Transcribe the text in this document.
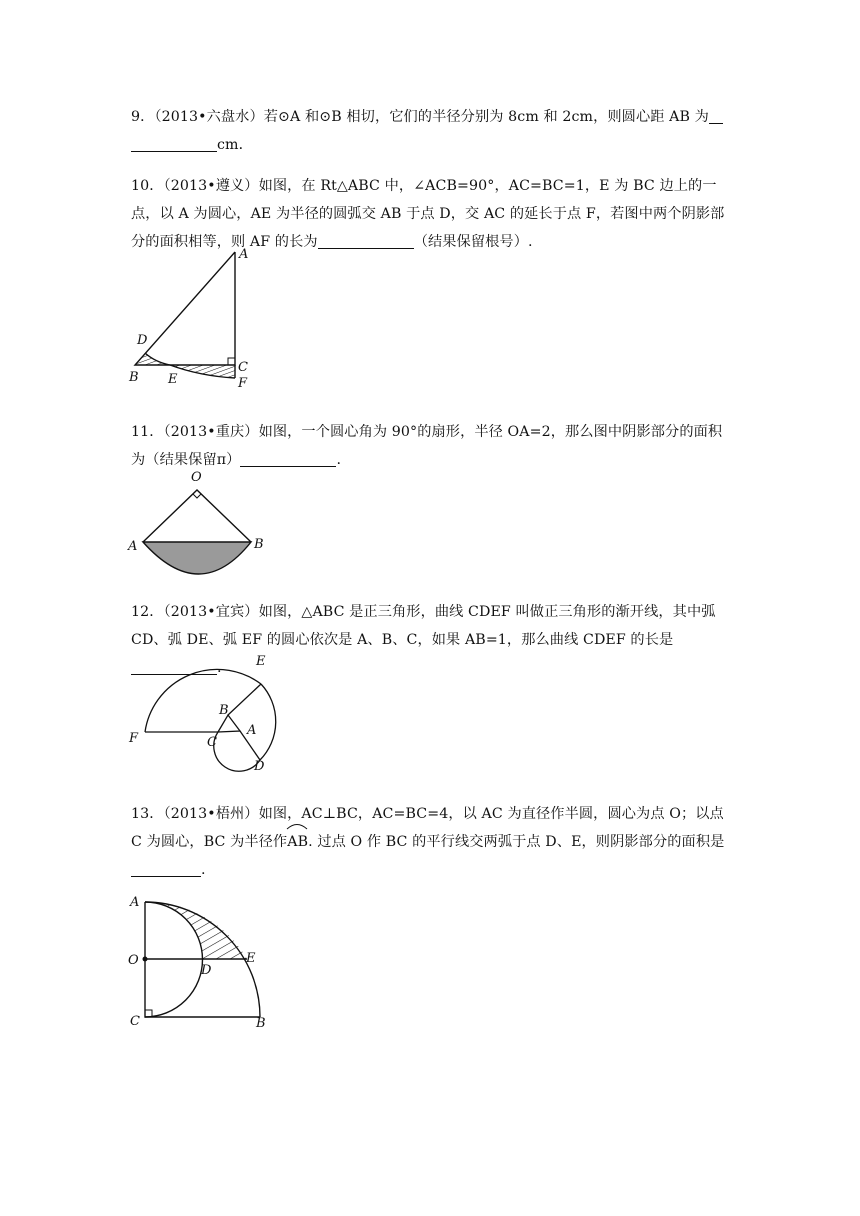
9．（2013•六盘水）若⊙A 和⊙B 相切，它们的半径分别为 8cm 和 2cm，则圆心距 AB 为
cm．
10．（2013•遵义）如图，在 Rt△ABC 中，∠ACB=90°，AC=BC=1，E 为 BC 边上的一点，以 A 为圆心，AE 为半径的圆弧交 AB 于点 D，交 AC 的延长于点 F，若图中两个阴影部分的面积相等，则 AF 的长为	（结果保留根号）.
A
D
C
B E	F
11．（2013•重庆）如图，一个圆心角为 90°的扇形，半径 OA=2，那么图中阴影部分的面积为（结果保留π）	.
O
A	B
12．（2013•宜宾）如图，△ABC 是正三角形，曲线 CDEF 叫做正三角形的渐开线，其中弧 CD、弧 DE、弧 EF 的圆心依次是 A、B、C，如果 AB=1，那么曲线 CDEF 的长是.	E
B
A
F	C
D
13．（2013•梧州）如图，AC⊥BC，AC=BC=4，以 AC 为直径作半圆，圆心为点 O；以点 C 为圆心，BC 为半径作
AB. 过点 O 作 BC 的平行线交两弧于点 D、E，则阴影部分的面积是
.
A
O
D
E
C	B
